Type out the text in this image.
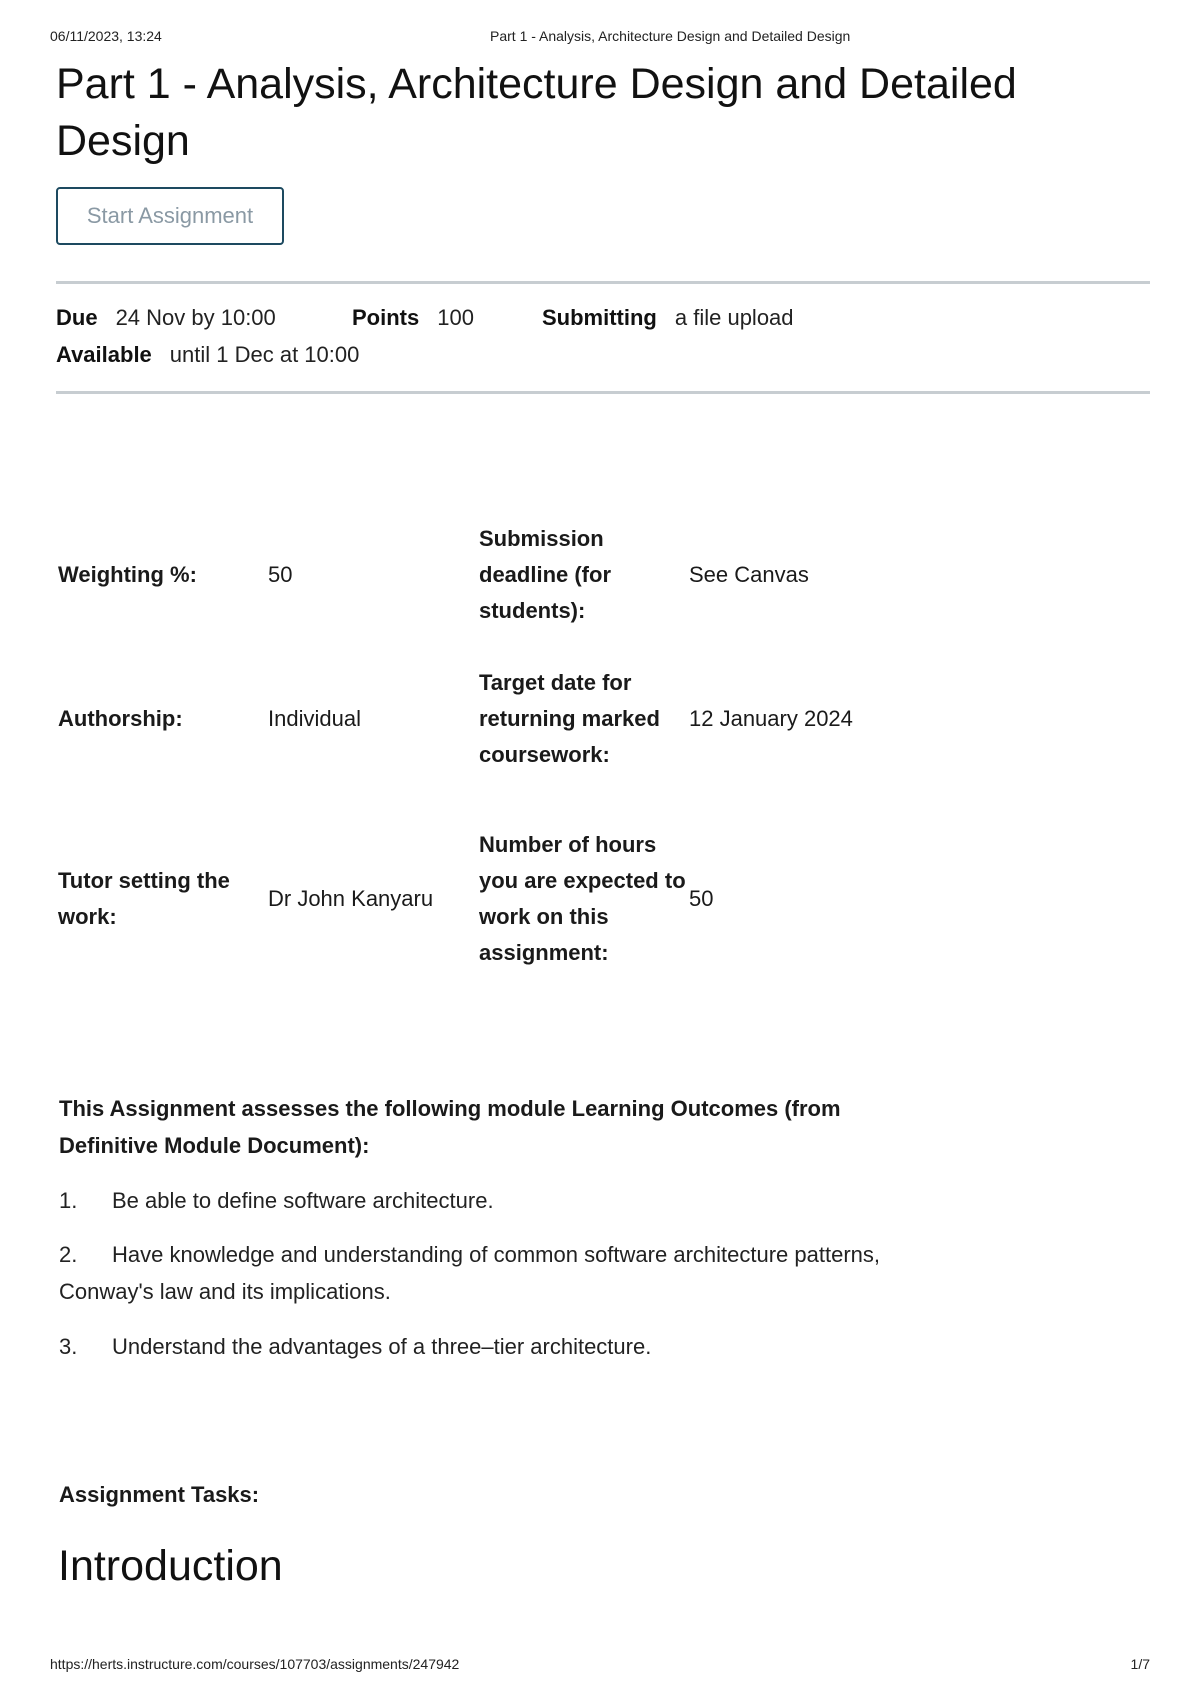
06/11/2023, 13:24	Part 1 - Analysis, Architecture Design and Detailed Design
Part 1 - Analysis, Architecture Design and Detailed Design
Start Assignment
Due 24 Nov by 10:00	Points 100	Submitting a file upload
Available until 1 Dec at 10:00
Weighting %:	50	Submission deadline (for students):	See Canvas
Authorship:	Individual	Target date for returning marked coursework:	12 January 2024
Tutor setting the work:	Dr John Kanyaru	Number of hours you are expected to work on this assignment:	50

This Assignment assesses the following module Learning Outcomes (from Definitive Module Document):

1. Be able to define software architecture.

2. Have knowledge and understanding of common software architecture patterns, Conway's law and its implications.

3. Understand the advantages of a three–tier architecture.

Assignment Tasks:

Introduction
https://herts.instructure.com/courses/107703/assignments/247942	1/7
